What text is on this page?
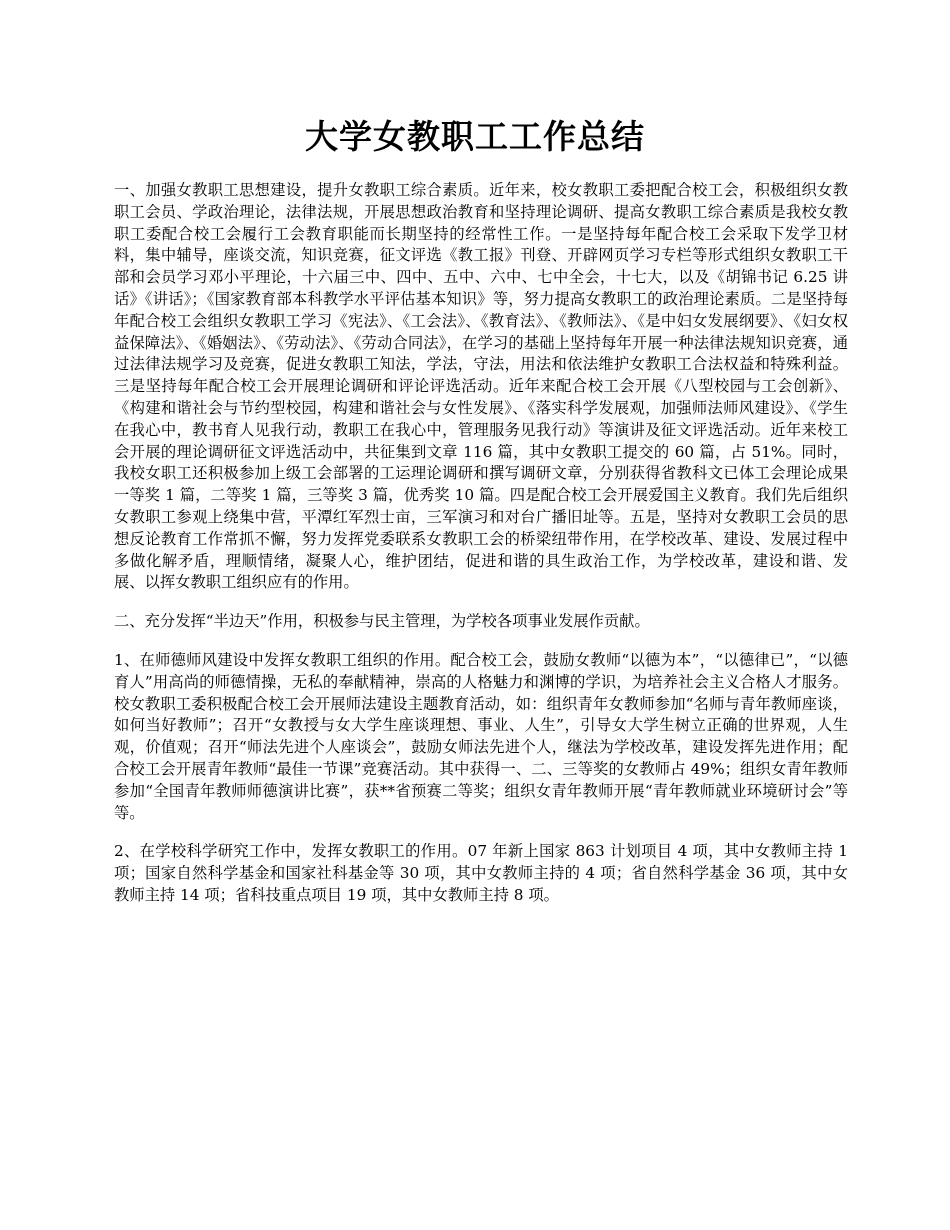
大学女教职工工作总结

一、加强女教职工思想建设，提升女教职工综合素质。近年来，校女教职工委把配合校工会，积极组织女教职工会员、学政治理论，法律法规，开展思想政治教育和坚持理论调研、提高女教职工综合素质是我校女教职工委配合校工会履行工会教育职能而长期坚持的经常性工作。一是坚持每年配合校工会采取下发学卫材料，集中辅导，座谈交流，知识竞赛，征文评选《教工报》刊登、开辟网页学习专栏等形式组织女教职工干部和会员学习邓小平理论，十六届三中、四中、五中、六中、七中全会，十七大，以及《胡锦书记 6.25 讲话》《讲话》；《国家教育部本科教学水平评估基本知识》等，努力提高女教职工的政治理论素质。二是坚持每年配合校工会组织女教职工学习《宪法》、《工会法》、《教育法》、《教师法》、《是中妇女发展纲要》、《妇女权益保障法》、《婚姻法》、《劳动法》、《劳动合同法》，在学习的基础上坚持每年开展一种法律法规知识竞赛，通过法律法规学习及竞赛，促进女教职工知法，学法，守法，用法和依法维护女教职工合法权益和特殊利益。三是坚持每年配合校工会开展理论调研和评论评选活动。近年来配合校工会开展《八型校园与工会创新》、《构建和谐社会与节约型校园，构建和谐社会与女性发展》、《落实科学发展观，加强师法师风建设》、《学生在我心中，教书育人见我行动，教职工在我心中，管理服务见我行动》等演讲及征文评选活动。近年来校工会开展的理论调研征文评选活动中，共征集到文章 116 篇，其中女教职工提交的 60 篇，占 51%。同时，我校女职工还积极参加上级工会部署的工运理论调研和撰写调研文章，分别获得省教科文已体工会理论成果一等奖 1 篇，二等奖 1 篇，三等奖 3 篇，优秀奖 10 篇。四是配合校工会开展爱国主义教育。我们先后组织女教职工参观上绕集中营，平潭红军烈士亩，三军演习和对台广播旧址等。五是，坚持对女教职工会员的思想反论教育工作常抓不懈，努力发挥党委联系女教职工会的桥梁纽带作用，在学校改革、建设、发展过程中多做化解矛盾，理顺情绪，凝聚人心，维护团结，促进和谐的具生政治工作，为学校改革，建设和谐、发展、以挥女教职工组织应有的作用。

二、充分发挥“半边天”作用，积极参与民主管理，为学校各项事业发展作贡献。

1、在师德师风建设中发挥女教职工组织的作用。配合校工会，鼓励女教师“以德为本”，“以德律已”，“以德育人”用高尚的师德情操，无私的奉献精神，崇高的人格魅力和渊博的学识，为培养社会主义合格人才服务。校女教职工委积极配合校工会开展师法建设主题教育活动，如：组织青年女教师参加“名师与青年教师座谈，如何当好教师”；召开“女教授与女大学生座谈理想、事业、人生”，引导女大学生树立正确的世界观，人生观，价值观；召开“师法先进个人座谈会”，鼓励女师法先进个人，继法为学校改革，建设发挥先进作用；配合校工会开展青年教师“最佳一节课”竞赛活动。其中获得一、二、三等奖的女教师占 49%；组织女青年教师参加“全国青年教师师德演讲比赛”，获**省预赛二等奖；组织女青年教师开展“青年教师就业环境研讨会”等等。

2、在学校科学研究工作中，发挥女教职工的作用。07 年新上国家 863 计划项目 4 项，其中女教师主持 1 项；国家自然科学基金和国家社科基金等 30 项，其中女教师主持的 4 项；省自然科学基金 36 项，其中女教师主持 14 项；省科技重点项目 19 项，其中女教师主持 8 项。
